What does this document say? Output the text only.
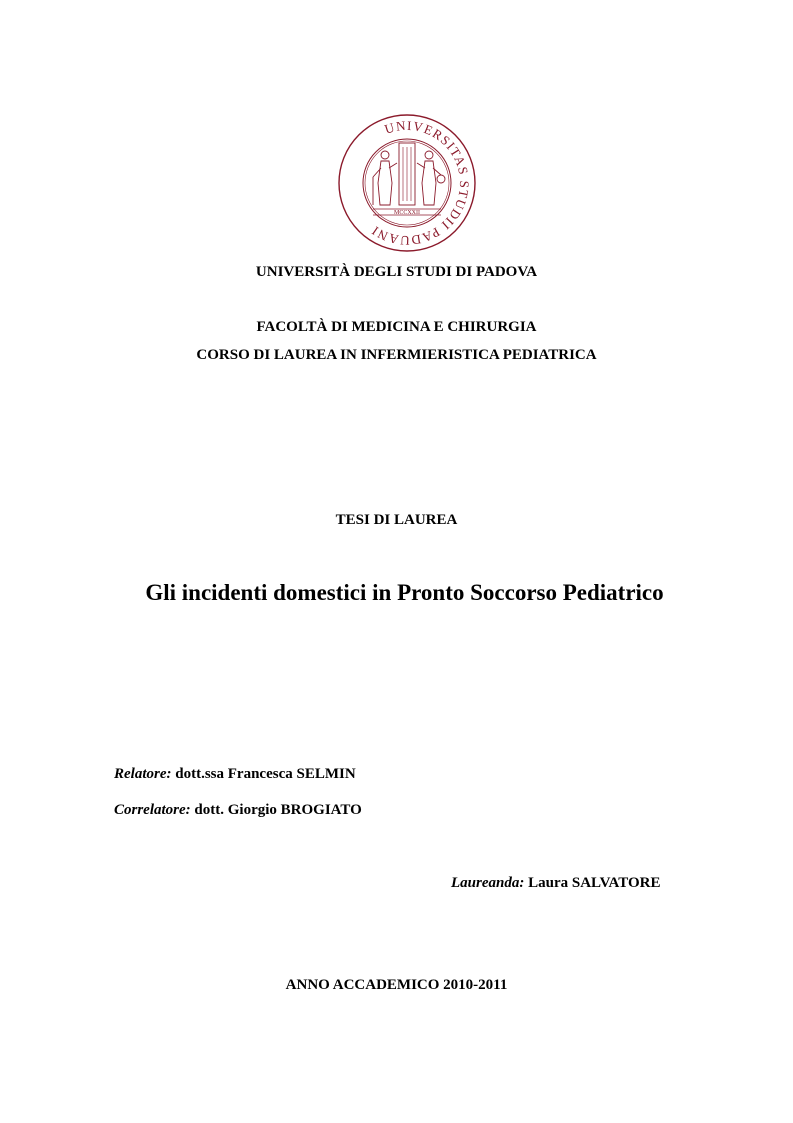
UNIVERSITAS STUDII PADUANI
MCCXXII
UNIVERSITÀ DEGLI STUDI DI PADOVA
FACOLTÀ DI MEDICINA E CHIRURGIA
CORSO DI LAUREA IN INFERMIERISTICA PEDIATRICA
TESI DI LAUREA
Gli incidenti domestici in Pronto Soccorso Pediatrico
Relatore: dott.ssa Francesca SELMIN
Correlatore: dott. Giorgio BROGIATO
Laureanda: Laura SALVATORE
ANNO ACCADEMICO 2010-2011
